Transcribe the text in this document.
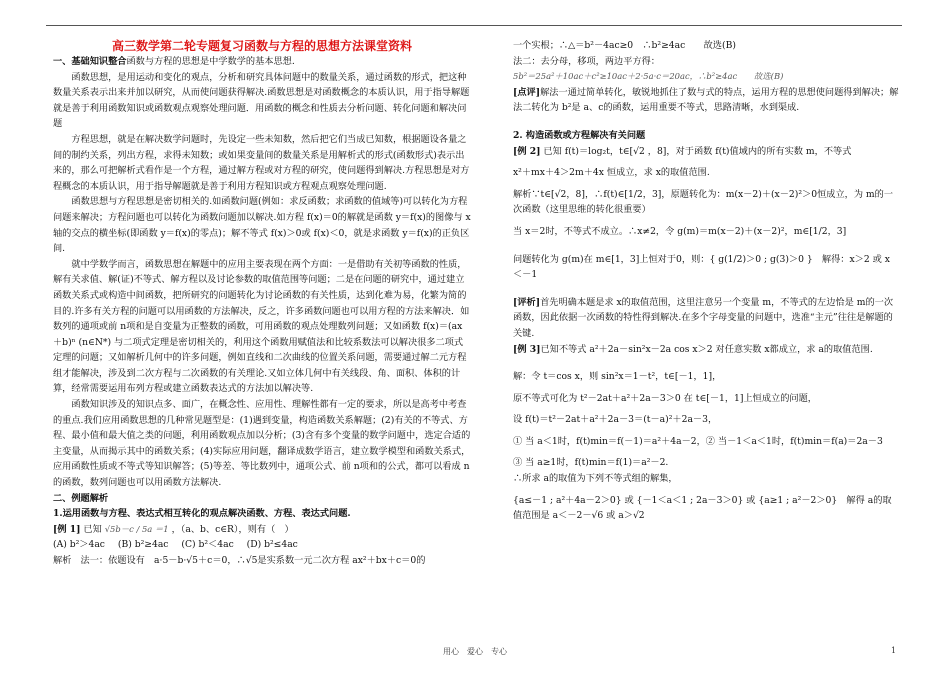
高三数学第二轮专题复习函数与方程的思想方法课堂资料

一、基础知识整合函数与方程的思想是中学数学的基本思想.

函数思想，是用运动和变化的观点，分析和研究具体问题中的数量关系，通过函数的形式，把这种数量关系表示出来并加以研究，从而使问题获得解决.函数思想是对函数概念的本质认识，用于指导解题就是善于利用函数知识或函数观点观察处理问题．用函数的概念和性质去分析问题、转化问题和解决问题

方程思想，就是在解决数学问题时，先设定一些未知数，然后把它们当成已知数，根据题设各量之间的制约关系，列出方程，求得未知数；或如果变量间的数量关系是用解析式的形式(函数形式)表示出来的，那么可把解析式看作是一个方程，通过解方程或对方程的研究，使问题得到解决.方程思想是对方程概念的本质认识，用于指导解题就是善于利用方程知识或方程观点观察处理问题.

函数思想与方程思想是密切相关的.如函数问题(例如：求反函数；求函数的值域等)可以转化为方程问题来解决；方程问题也可以转化为函数问题加以解决.如方程 f(x)＝0的解就是函数 y＝f(x)的图像与 x轴的交点的横坐标(即函数 y＝f(x)的零点)；解不等式 f(x)＞0或 f(x)＜0，就是求函数 y＝f(x)的正负区间.

就中学数学而言，函数思想在解题中的应用主要表现在两个方面：一是借助有关初等函数的性质，解有关求值、解(证)不等式、解方程以及讨论参数的取值范围等问题；二是在问题的研究中，通过建立函数关系式或构造中间函数，把所研究的问题转化为讨论函数的有关性质，达到化难为易，化繁为简的目的.许多有关方程的问题可以用函数的方法解决，反之，许多函数问题也可以用方程的方法来解决．如数列的通项或前 n项和是自变量为正整数的函数，可用函数的观点处理数列问题；又如函数 f(x)＝(ax＋b)ⁿ (n∈N*) 与二项式定理是密切相关的，利用这个函数用赋值法和比较系数法可以解决很多二项式定理的问题；又如解析几何中的许多问题，例如直线和二次曲线的位置关系问题，需要通过解二元方程组才能解决，涉及到二次方程与二次函数的有关理论.又如立体几何中有关线段、角、面积、体积的计算，经常需要运用布列方程或建立函数表达式的方法加以解决等.

函数知识涉及的知识点多、面广，在概念性、应用性、理解性都有一定的要求，所以是高考中考查的重点.我们应用函数思想的几种常见题型是：(1)遇到变量，构造函数关系解题；(2)有关的不等式、方程、最小值和最大值之类的问题，利用函数观点加以分析；(3)含有多个变量的数学问题中，选定合适的主变量，从而揭示其中的函数关系；(4)实际应用问题，翻译成数学语言，建立数学模型和函数关系式，应用函数性质或不等式等知识解答；(5)等差、等比数列中，通项公式、前 n项和的公式，都可以看成 n的函数，数列问题也可以用函数方法解决.

二、例题解析

1.运用函数与方程、表达式相互转化的观点解决函数、方程、表达式问题.

[例 1] 已知 √5b－c / 5a ＝1 ，（a、b、c∈R），则有（　）

(A) b²＞4ac (B) b²≥4ac (C) b²＜4ac (D) b²≤4ac

解析　法一：依题设有　a·5－b·√5＋c＝0，∴√5是实系数一元二次方程 ax²＋bx＋c＝0的

一个实根；∴△＝b²－4ac≥0　∴b²≥4ac　　故选(B)

法二：去分母，移项，两边平方得：

5b²＝25a²＋10ac＋c²≥10ac＋2·5a·c＝20ac，∴b²≥4ac　　故选(B)

[点评]解法一通过简单转化，敏锐地抓住了数与式的特点，运用方程的思想使问题得到解决；解法二转化为 b²是 a、c的函数，运用重要不等式，思路清晰，水到渠成.

2. 构造函数或方程解决有关问题

[例 2] 已知 f(t)＝log₂t，t∈[√2 ，8]，对于函数 f(t)值域内的所有实数 m，不等式

x²＋mx＋4＞2m＋4x 恒成立，求 x的取值范围.

解析∵t∈[√2，8]，∴f(t)∈[1/2，3]，原题转化为：m(x－2)＋(x－2)²＞0恒成立，为 m的一

次函数（这里思维的转化很重要）

当 x＝2时，不等式不成立。∴x≠2，令 g(m)＝m(x－2)＋(x－2)²，m∈[1/2，3]

问题转化为 g(m)在 m∈[1，3]上恒对于0，则：{ g(1/2)＞0 ; g(3)＞0 }　解得：x＞2 或 x＜－1

[评析]首先明确本题是求 x的取值范围，这里注意另一个变量 m，不等式的左边恰是 m的一次函数，因此依据一次函数的特性得到解决.在多个字母变量的问题中，选准“主元”往往是解题的关键.

[例 3]已知不等式 a²＋2a－sin²x－2a cos x＞2 对任意实数 x都成立，求 a的取值范围.

解：令 t＝cos x，则 sin²x＝1－t²，t∈[－1，1]，

原不等式可化为 t²－2at＋a²＋2a－3＞0 在 t∈[－1，1]上恒成立的问题，

设 f(t)＝t²－2at＋a²＋2a－3＝(t－a)²＋2a－3，

① 当 a＜1时，f(t)min＝f(－1)＝a²＋4a－2，② 当－1＜a＜1时，f(t)min＝f(a)＝2a－3

③ 当 a≥1时，f(t)min＝f(1)＝a²－2.

∴所求 a的取值为下列不等式组的解集，

{a≤－1 ; a²＋4a－2＞0} 或 {－1＜a＜1 ; 2a－3＞0} 或 {a≥1 ; a²－2＞0}　解得 a的取值范围是 a＜－2－√6 或 a＞√2

用心　爱心　专心	1
